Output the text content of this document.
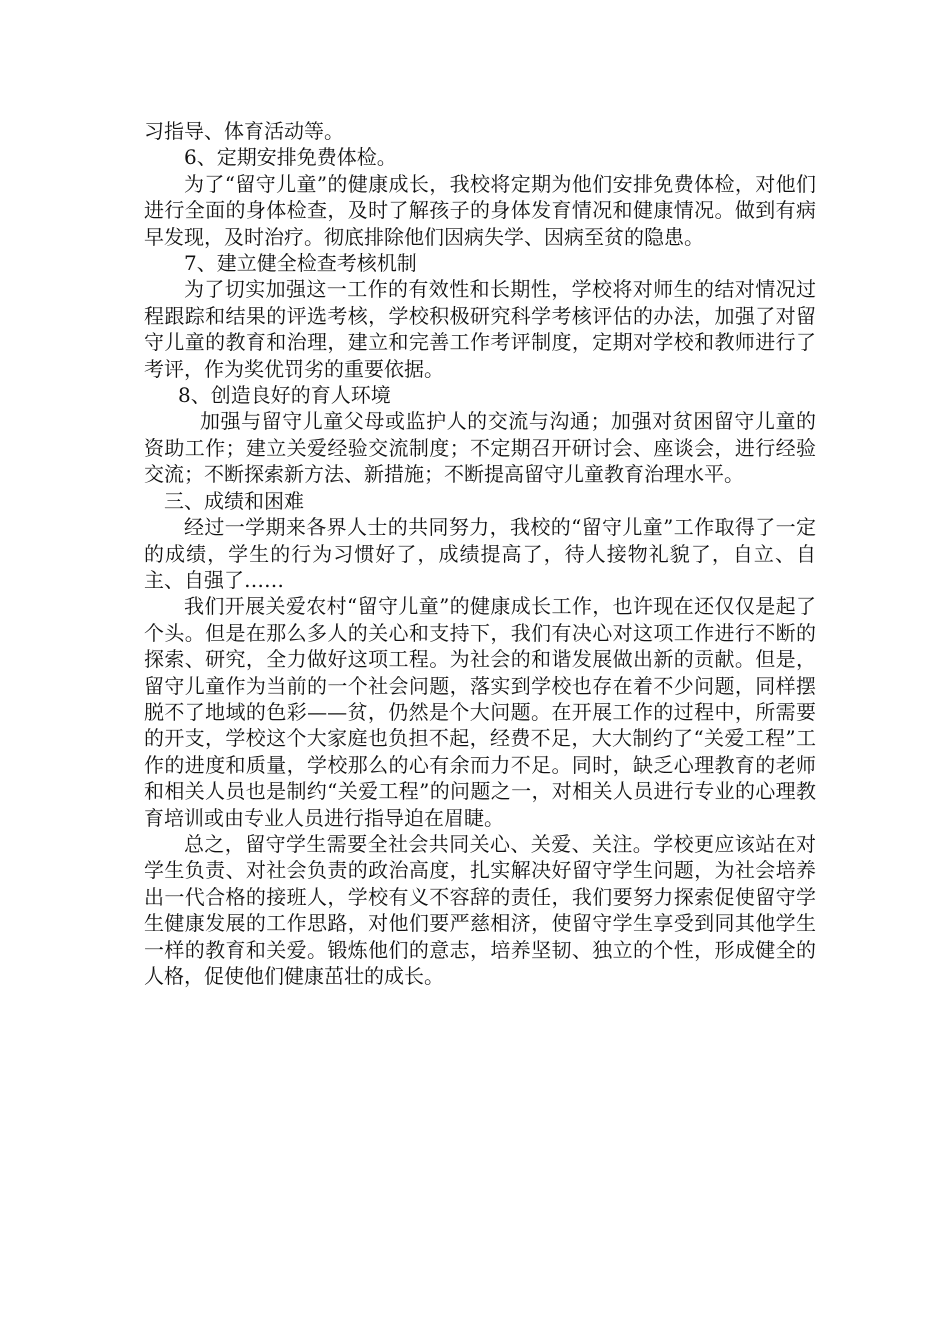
习指导、体育活动等。

6、定期安排免费体检。

为了“留守儿童”的健康成长，我校将定期为他们安排免费体检，对他们进行全面的身体检查，及时了解孩子的身体发育情况和健康情况。做到有病早发现，及时治疗。彻底排除他们因病失学、因病至贫的隐患。

7、建立健全检查考核机制

为了切实加强这一工作的有效性和长期性，学校将对师生的结对情况过程跟踪和结果的评选考核，学校积极研究科学考核评估的办法，加强了对留守儿童的教育和治理，建立和完善工作考评制度，定期对学校和教师进行了考评，作为奖优罚劣的重要依据。

8、创造良好的育人环境

加强与留守儿童父母或监护人的交流与沟通；加强对贫困留守儿童的资助工作；建立关爱经验交流制度；不定期召开研讨会、座谈会，进行经验交流；不断探索新方法、新措施；不断提高留守儿童教育治理水平。

三、成绩和困难

经过一学期来各界人士的共同努力，我校的“留守儿童”工作取得了一定的成绩，学生的行为习惯好了，成绩提高了，待人接物礼貌了，自立、自主、自强了……

我们开展关爱农村“留守儿童”的健康成长工作，也许现在还仅仅是起了个头。但是在那么多人的关心和支持下，我们有决心对这项工作进行不断的探索、研究，全力做好这项工程。为社会的和谐发展做出新的贡献。但是，留守儿童作为当前的一个社会问题，落实到学校也存在着不少问题，同样摆脱不了地域的色彩——贫，仍然是个大问题。在开展工作的过程中，所需要的开支，学校这个大家庭也负担不起，经费不足，大大制约了“关爱工程”工作的进度和质量，学校那么的心有余而力不足。同时，缺乏心理教育的老师和相关人员也是制约“关爱工程”的问题之一，对相关人员进行专业的心理教育培训或由专业人员进行指导迫在眉睫。

总之，留守学生需要全社会共同关心、关爱、关注。学校更应该站在对学生负责、对社会负责的政治高度，扎实解决好留守学生问题，为社会培养出一代合格的接班人，学校有义不容辞的责任，我们要努力探索促使留守学生健康发展的工作思路，对他们要严慈相济，使留守学生享受到同其他学生一样的教育和关爱。锻炼他们的意志，培养坚韧、独立的个性，形成健全的人格，促使他们健康茁壮的成长。
